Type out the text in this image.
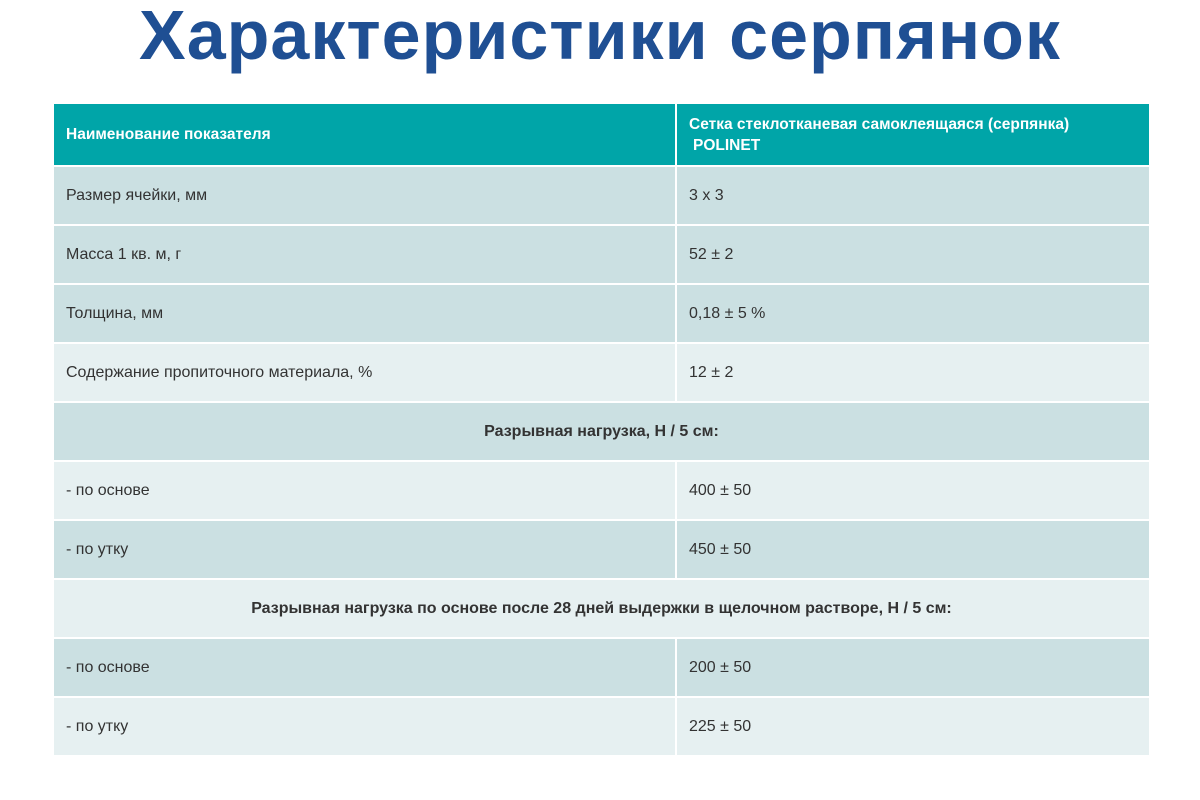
Характеристики серпянок
Наименование показателя	Сетка стеклотканевая самоклеящаяся (серпянка)
POLINET
Размер ячейки, мм	3 х 3
Масса 1 кв. м, г	52 ± 2
Толщина, мм	0,18 ± 5 %
Содержание пропиточного материала, %	12 ± 2
Разрывная нагрузка, Н / 5 см:	
- по основе	400 ± 50
- по утку	450 ± 50
Разрывная нагрузка по основе после 28 дней выдержки в щелочном растворе, Н / 5 см:	
- по основе	200 ± 50
- по утку	225 ± 50
